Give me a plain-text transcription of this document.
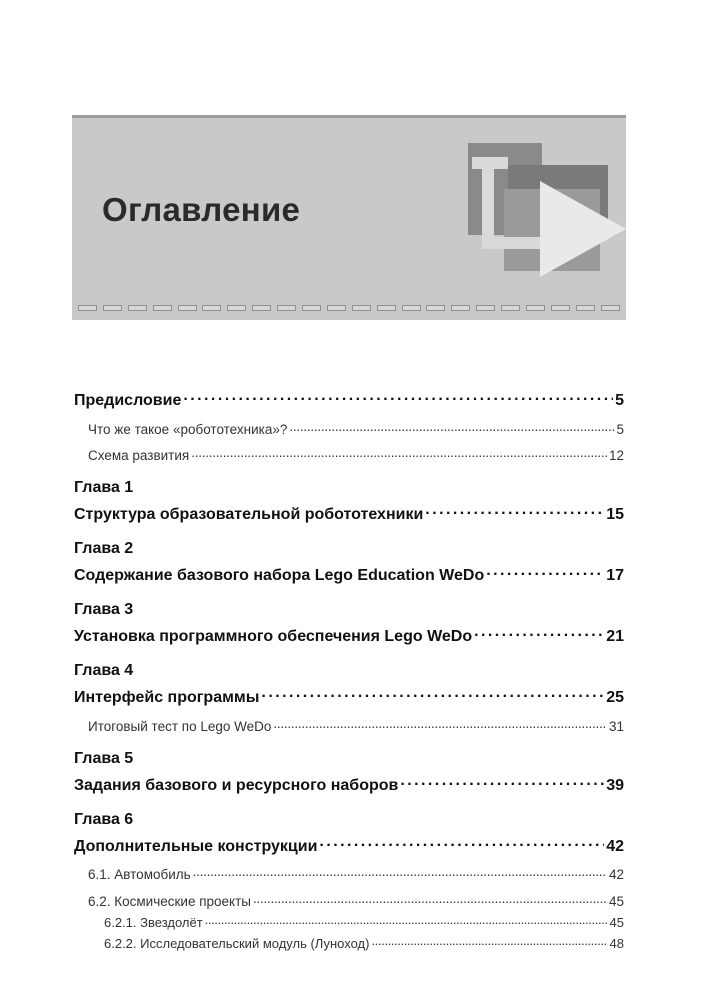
Оглавление
Предисловие . . .	5
Что же такое «робототехника»? . . .	5
Схема развития . . .	12
Глава 1
Структура образовательной робототехники . . .	15
Глава 2
Содержание базового набора Lego Education WeDo . . .	17
Глава 3
Установка программного обеспечения Lego WeDo . . .	21
Глава 4
Интерфейс программы . . .	25
Итоговый тест по Lego WeDo . . .	31
Глава 5
Задания базового и ресурсного наборов . . .	39
Глава 6
Дополнительные конструкции . . .	42
6.1. Автомобиль . . .	42
6.2. Космические проекты . . .	45
6.2.1. Звездолёт . . .	45
6.2.2. Исследовательский модуль (Луноход) . . .	48
